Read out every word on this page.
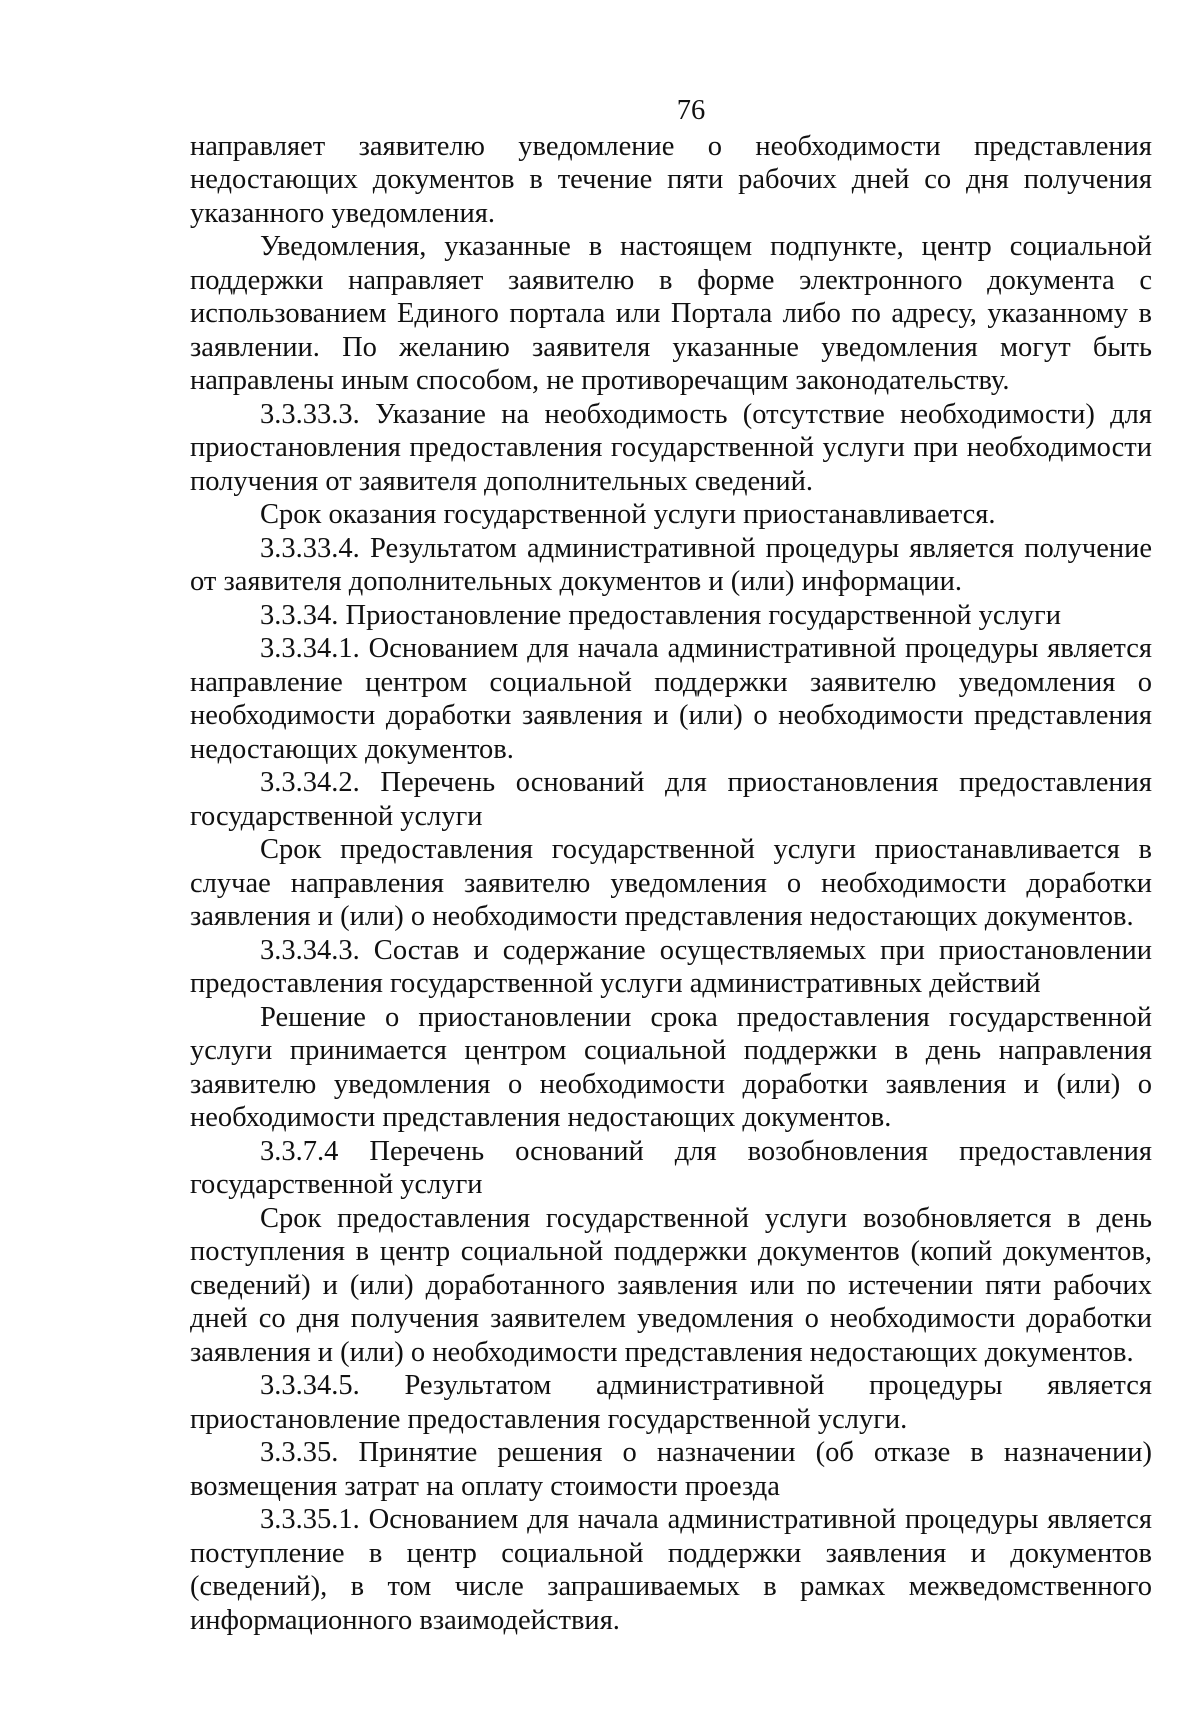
76

направляет заявителю уведомление о необходимости представления недостающих документов в течение пяти рабочих дней со дня получения указанного уведомления.

Уведомления, указанные в настоящем подпункте, центр социальной поддержки направляет заявителю в форме электронного документа с использованием Единого портала или Портала либо по адресу, указанному в заявлении. По желанию заявителя указанные уведомления могут быть направлены иным способом, не противоречащим законодательству.

3.3.33.3. Указание на необходимость (отсутствие необходимости) для приостановления предоставления государственной услуги при необходимости получения от заявителя дополнительных сведений.

Срок оказания государственной услуги приостанавливается.

3.3.33.4. Результатом административной процедуры является получение от заявителя дополнительных документов и (или) информации.

3.3.34. Приостановление предоставления государственной услуги

3.3.34.1. Основанием для начала административной процедуры является направление центром социальной поддержки заявителю уведомления о необходимости доработки заявления и (или) о необходимости представления недостающих документов.

3.3.34.2. Перечень оснований для приостановления предоставления государственной услуги

Срок предоставления государственной услуги приостанавливается в случае направления заявителю уведомления о необходимости доработки заявления и (или) о необходимости представления недостающих документов.

3.3.34.3. Состав и содержание осуществляемых при приостановлении предоставления государственной услуги административных действий

Решение о приостановлении срока предоставления государственной услуги принимается центром социальной поддержки в день направления заявителю уведомления о необходимости доработки заявления и (или) о необходимости представления недостающих документов.

3.3.7.4 Перечень оснований для возобновления предоставления государственной услуги

Срок предоставления государственной услуги возобновляется в день поступления в центр социальной поддержки документов (копий документов, сведений) и (или) доработанного заявления или по истечении пяти рабочих дней со дня получения заявителем уведомления о необходимости доработки заявления и (или) о необходимости представления недостающих документов.

3.3.34.5. Результатом административной процедуры является приостановление предоставления государственной услуги.

3.3.35. Принятие решения о назначении (об отказе в назначении) возмещения затрат на оплату стоимости проезда

3.3.35.1. Основанием для начала административной процедуры является поступление в центр социальной поддержки заявления и документов (сведений), в том числе запрашиваемых в рамках межведомственного информационного взаимодействия.
